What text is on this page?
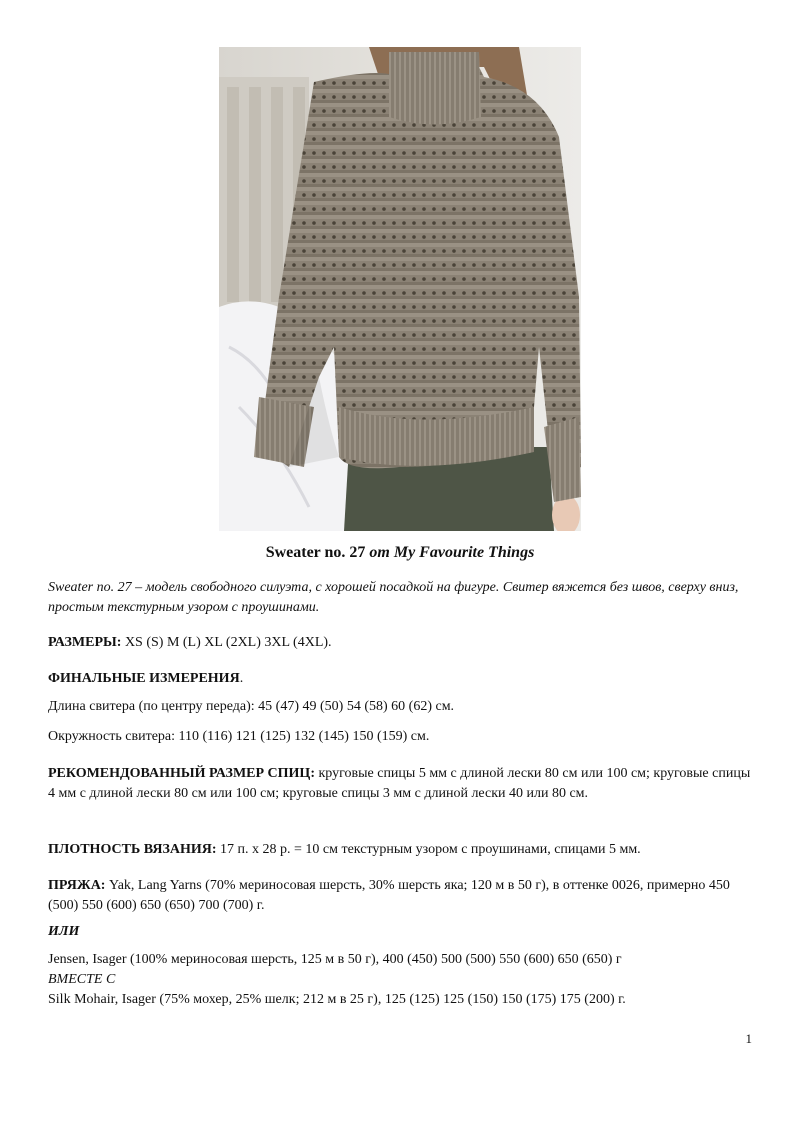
Sweater no. 27 от My Favourite Things
Sweater no. 27 – модель свободного силуэта, с хорошей посадкой на фигуре. Свитер вяжется без швов, сверху вниз, простым текстурным узором с проушинами.
РАЗМЕРЫ: XS (S) M (L) XL (2XL) 3XL (4XL).
ФИНАЛЬНЫЕ ИЗМЕРЕНИЯ.
Длина свитера (по центру переда): 45 (47) 49 (50) 54 (58) 60 (62) см.
Окружность свитера: 110 (116) 121 (125) 132 (145) 150 (159) см.
РЕКОМЕНДОВАННЫЙ РАЗМЕР СПИЦ: круговые спицы 5 мм с длиной лески 80 см или 100 см; круговые спицы 4 мм с длиной лески 80 см или 100 см; круговые спицы 3 мм с длиной лески 40 или 80 см.
ПЛОТНОСТЬ ВЯЗАНИЯ: 17 п. х 28 р. = 10 см текстурным узором с проушинами, спицами 5 мм.
ПРЯЖА: Yak, Lang Yarns (70% мериносовая шерсть, 30% шерсть яка; 120 м в 50 г), в оттенке 0026, примерно 450 (500) 550 (600) 650 (650) 700 (700) г.
ИЛИ
Jensen, Isager (100% мериносовая шерсть, 125 м в 50 г), 400 (450) 500 (500) 550 (600) 650 (650) г
ВМЕСТЕ С
Silk Mohair, Isager (75% мохер, 25% шелк; 212 м в 25 г), 125 (125) 125 (150) 150 (175) 175 (200) г.
1
